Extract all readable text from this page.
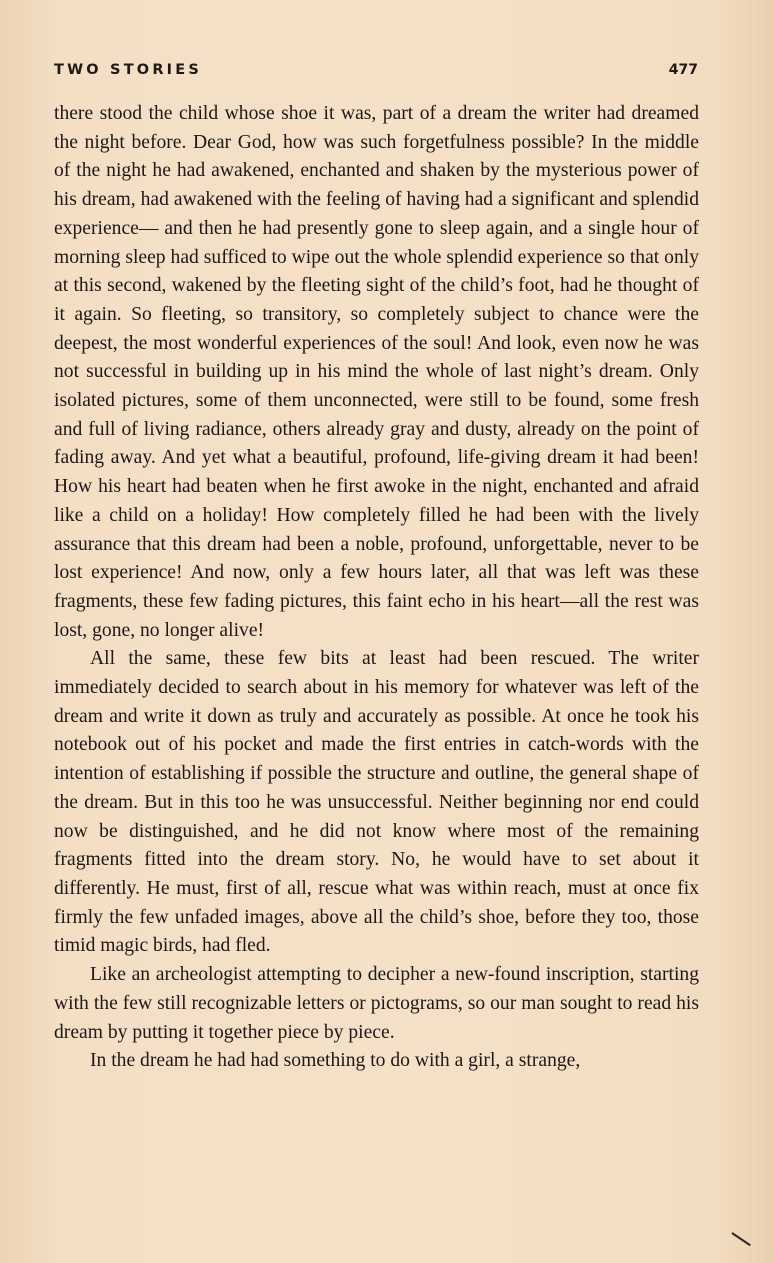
TWO STORIES	477

there stood the child whose shoe it was, part of a dream the writer had dreamed the night before. Dear God, how was such forgetfulness possible? In the middle of the night he had awakened, enchanted and shaken by the mysterious power of his dream, had awakened with the feeling of having had a significant and splendid experience— and then he had presently gone to sleep again, and a single hour of morning sleep had sufficed to wipe out the whole splendid experience so that only at this second, wakened by the fleeting sight of the child’s foot, had he thought of it again. So fleeting, so transitory, so completely subject to chance were the deepest, the most wonderful experiences of the soul! And look, even now he was not successful in building up in his mind the whole of last night’s dream. Only isolated pictures, some of them unconnected, were still to be found, some fresh and full of living radiance, others already gray and dusty, already on the point of fading away. And yet what a beautiful, profound, life-giving dream it had been! How his heart had beaten when he first awoke in the night, enchanted and afraid like a child on a holiday! How completely filled he had been with the lively assurance that this dream had been a noble, profound, unforgettable, never to be lost experience! And now, only a few hours later, all that was left was these fragments, these few fading pictures, this faint echo in his heart—all the rest was lost, gone, no longer alive!

All the same, these few bits at least had been rescued. The writer immediately decided to search about in his memory for whatever was left of the dream and write it down as truly and accurately as possible. At once he took his notebook out of his pocket and made the first entries in catch-words with the intention of establishing if possible the structure and outline, the general shape of the dream. But in this too he was unsuccessful. Neither beginning nor end could now be distinguished, and he did not know where most of the remaining fragments fitted into the dream story. No, he would have to set about it differently. He must, first of all, rescue what was within reach, must at once fix firmly the few unfaded images, above all the child’s shoe, before they too, those timid magic birds, had fled.

Like an archeologist attempting to decipher a new-found inscription, starting with the few still recognizable letters or pictograms, so our man sought to read his dream by putting it together piece by piece.

In the dream he had had something to do with a girl, a strange,
